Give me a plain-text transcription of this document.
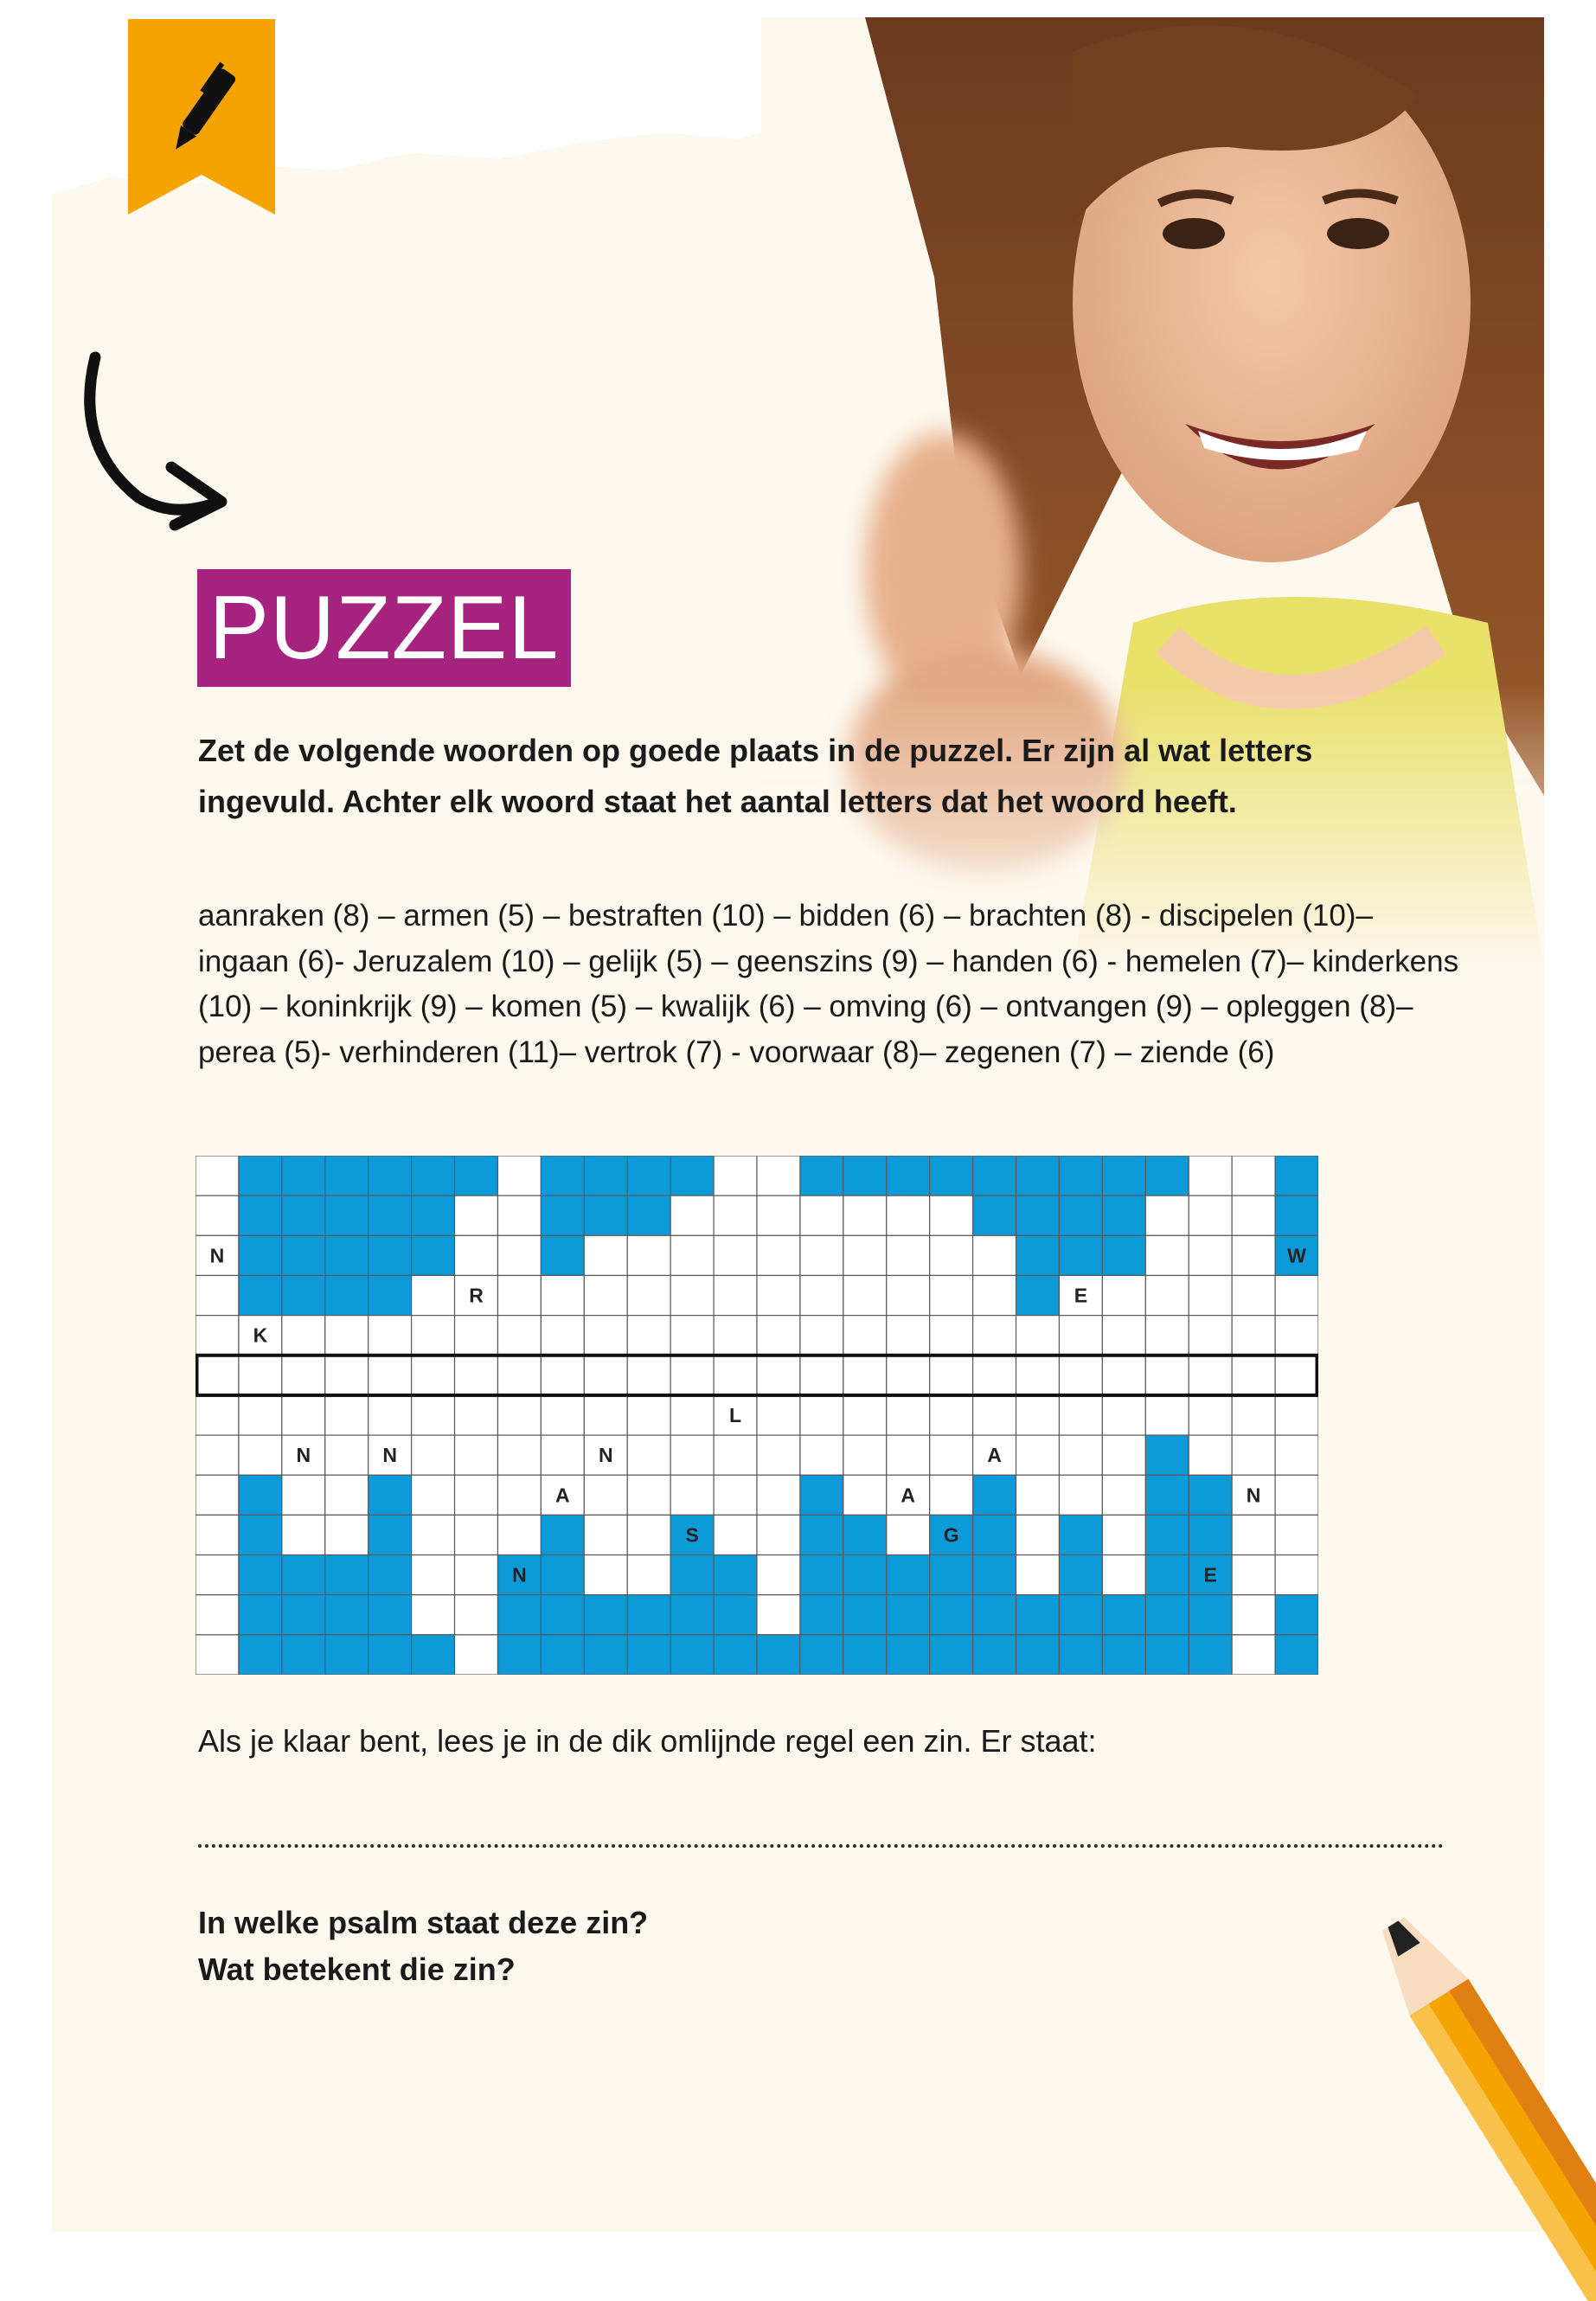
PUZZEL

Zet de volgende woorden op goede plaats in de puzzel. Er zijn al wat letters
ingevuld. Achter elk woord staat het aantal letters dat het woord heeft.

aanraken (8) – armen (5) – bestraften (10) – bidden (6) – brachten (8) - discipelen (10)–
ingaan (6)- Jeruzalem (10) – gelijk (5) – geenszins (9) – handen (6) - hemelen (7)– kinderkens
(10) – koninkrijk (9) – komen (5) – kwalijk (6) – omving (6) – ontvangen (9) – opleggen (8)–
perea (5)- verhinderen (11)– vertrok (7) - voorwaar (8)– zegenen (7) – ziende (6)

N	W
R	E
K
L
N	N	N	A
A	A	N
S	G
N	E

Als je klaar bent, lees je in de dik omlijnde regel een zin. Er staat:

In welke psalm staat deze zin?

Wat betekent die zin?
